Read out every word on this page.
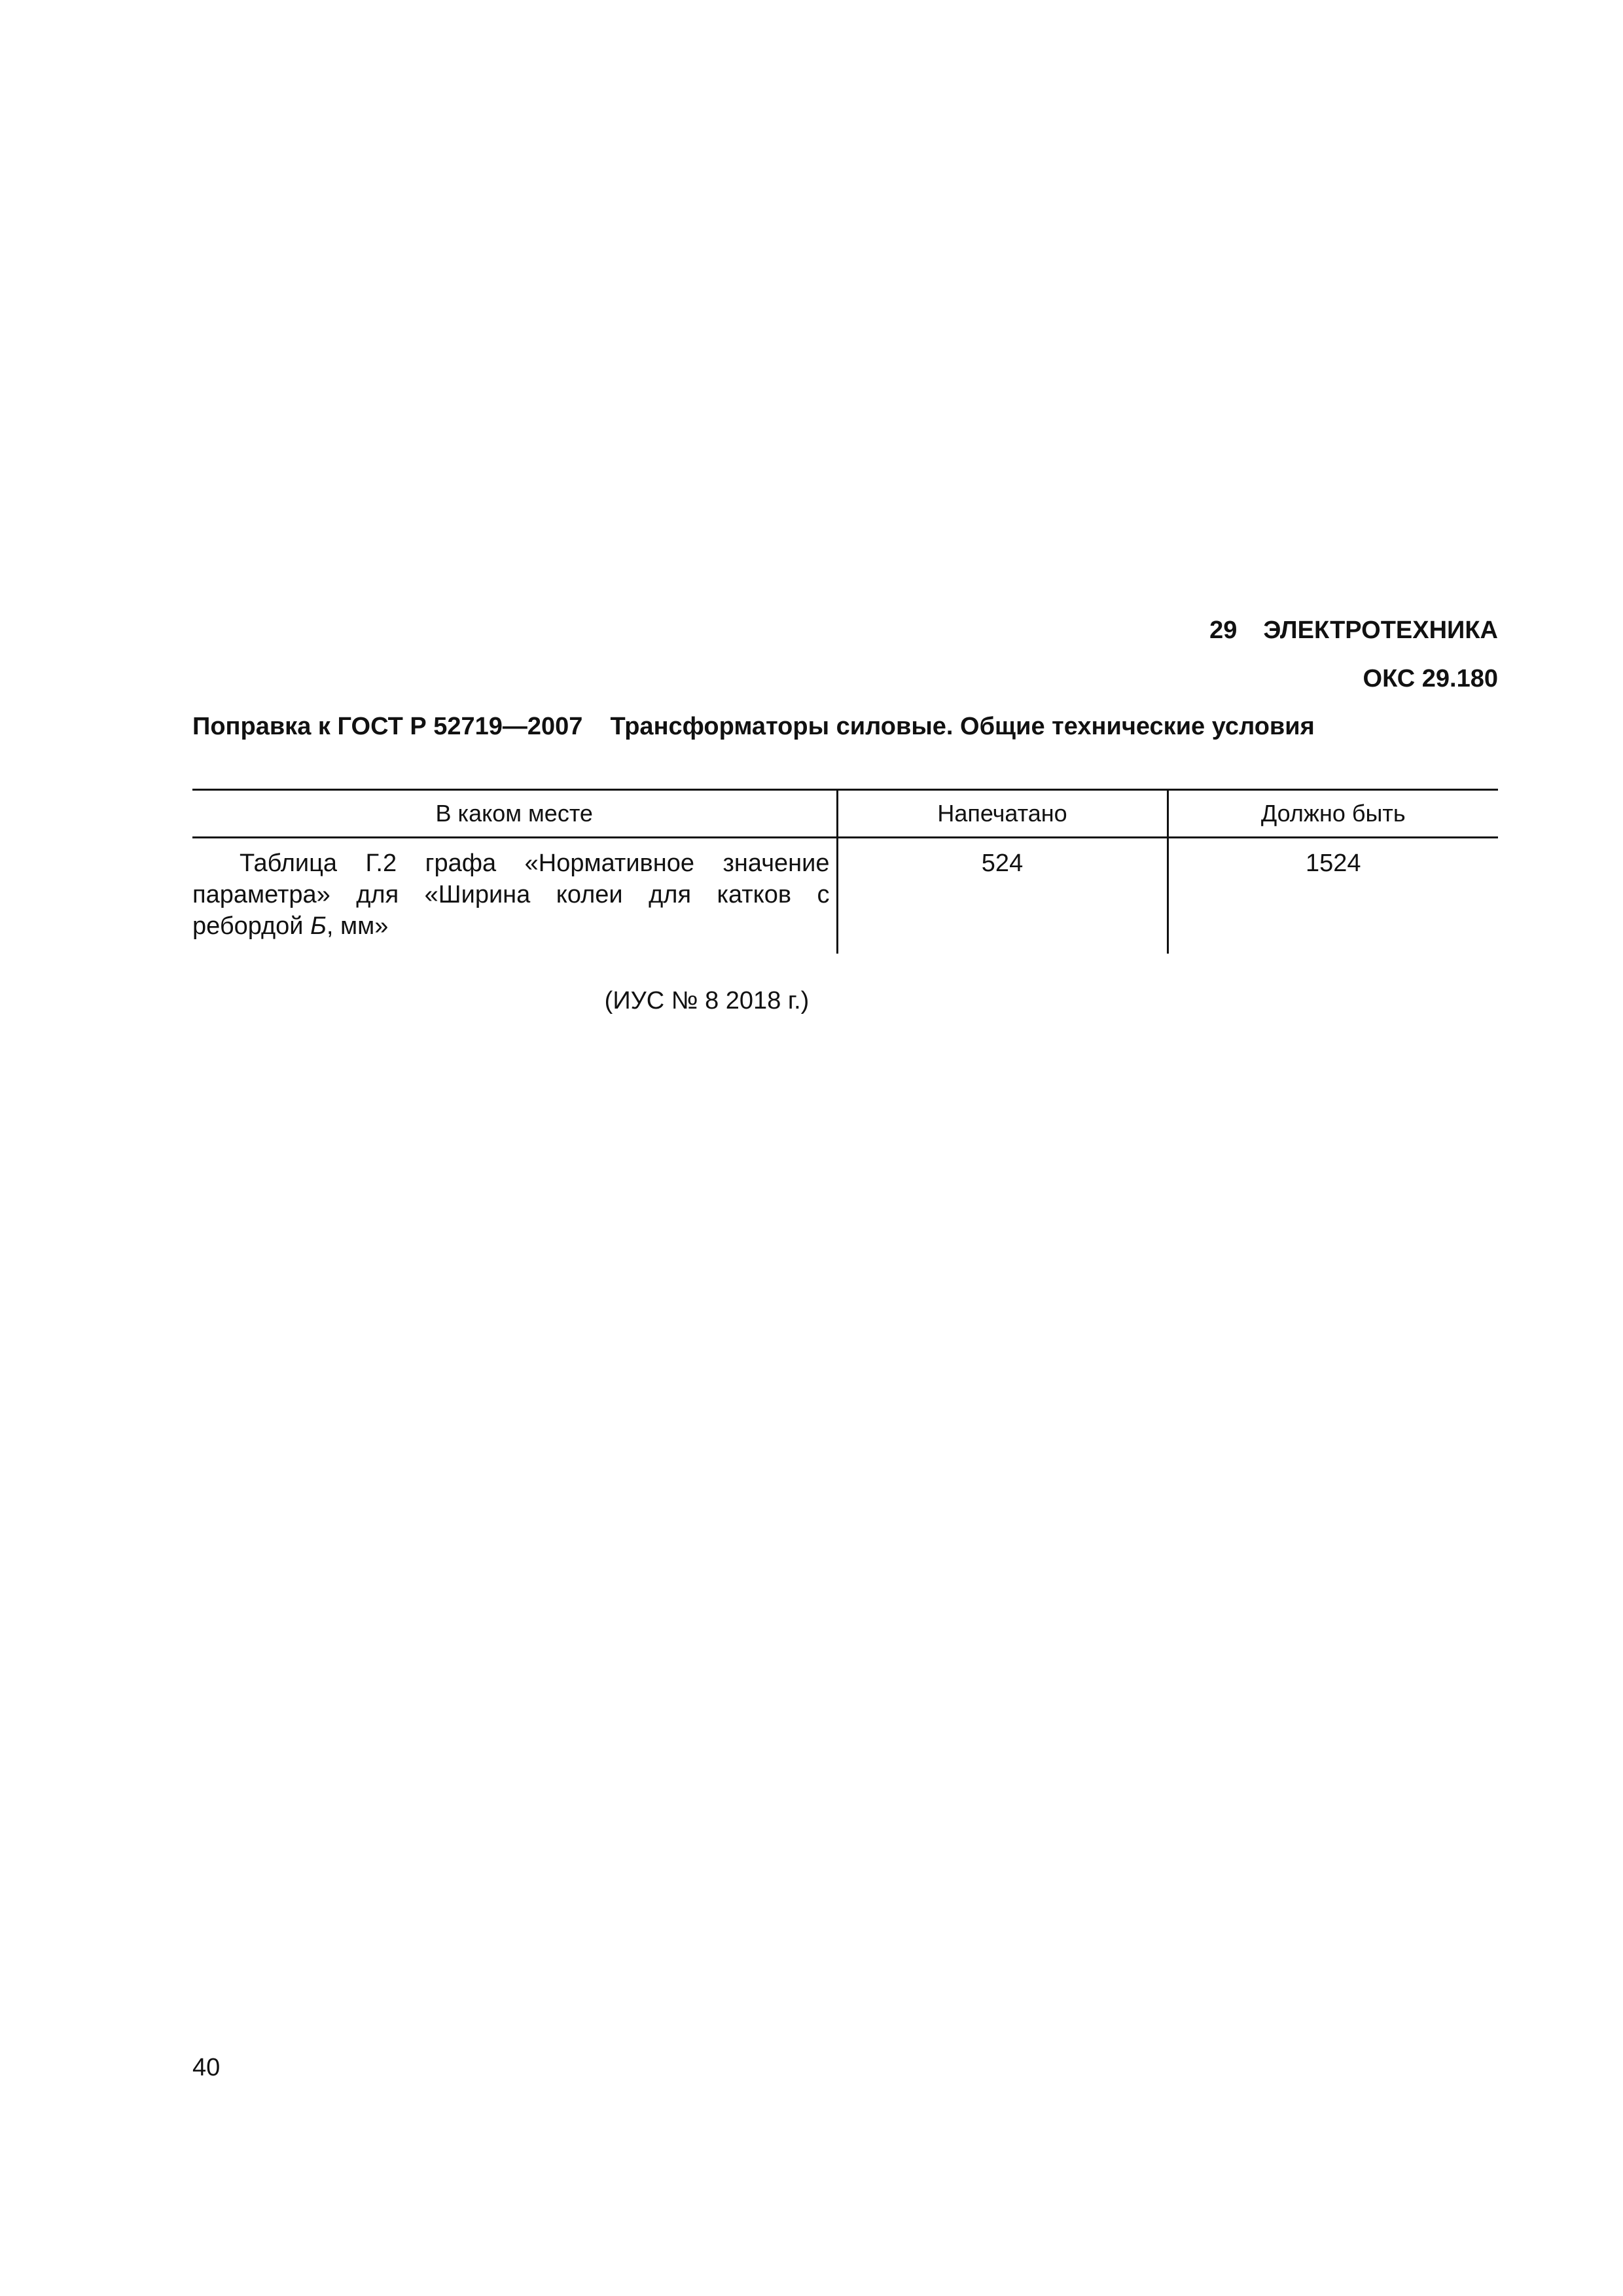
29 ЭЛЕКТРОТЕХНИКА
ОКС 29.180
Поправка к ГОСТ Р 52719—2007 Трансформаторы силовые. Общие технические условия
В каком месте	Напечатано	Должно быть
Таблица Г.2 графа «Нормативное значение параметра» для «Ширина колеи для катков с ребордой Б, мм»	524	1524
(ИУС № 8 2018 г.)
40
